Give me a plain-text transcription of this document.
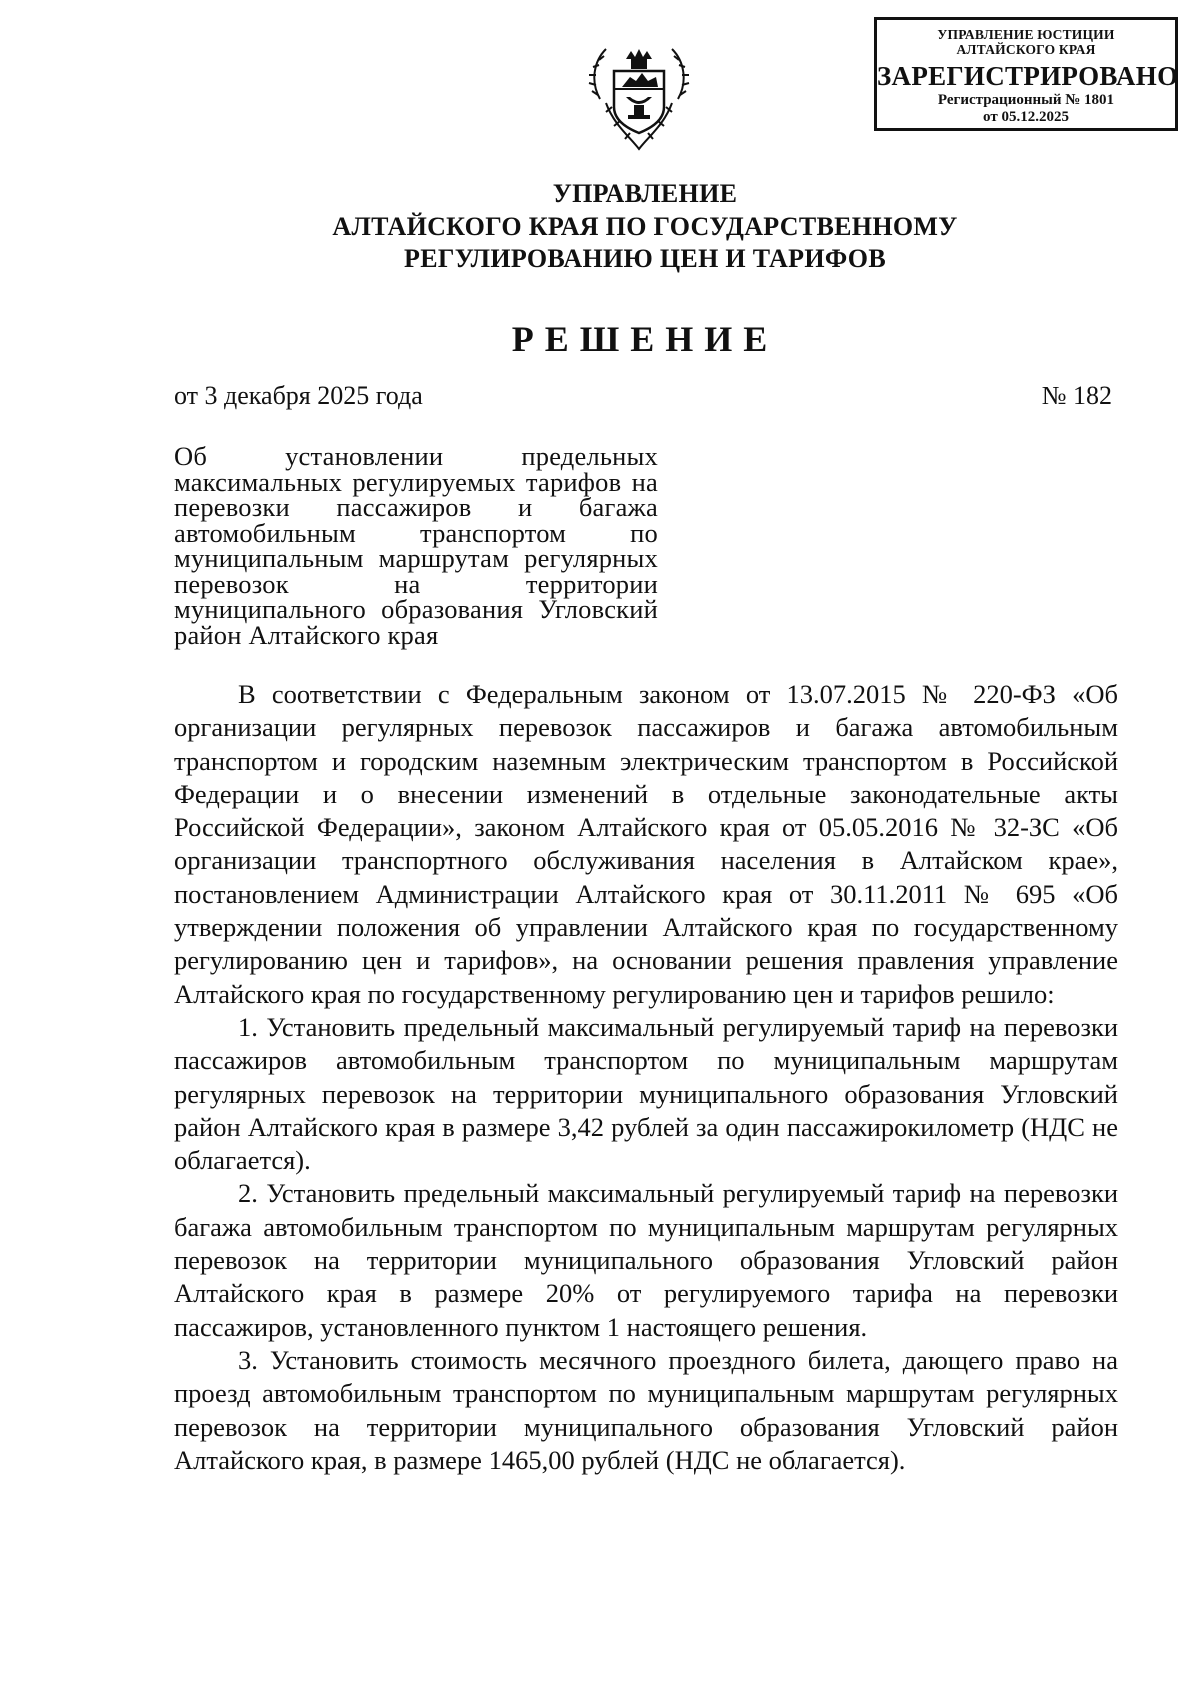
УПРАВЛЕНИЕ ЮСТИЦИИ
АЛТАЙСКОГО КРАЯ
ЗАРЕГИСТРИРОВАНО
Регистрационный № 1801
от 05.12.2025
УПРАВЛЕНИЕ
АЛТАЙСКОГО КРАЯ ПО ГОСУДАРСТВЕННОМУ
РЕГУЛИРОВАНИЮ ЦЕН И ТАРИФОВ
РЕШЕНИЕ
от 3 декабря 2025 года	№ 182
Об установлении предельных максимальных регулируемых тарифов на перевозки пассажиров и багажа автомобильным транспортом по муниципальным маршрутам регулярных перевозок на территории муниципального образования Угловский район Алтайского края

В соответствии с Федеральным законом от 13.07.2015 № 220-ФЗ «Об организации регулярных перевозок пассажиров и багажа автомобильным транспортом и городским наземным электрическим транспортом в Российской Федерации и о внесении изменений в отдельные законодательные акты Российской Федерации», законом Алтайского края от 05.05.2016 № 32-ЗС «Об организации транспортного обслуживания населения в Алтайском крае», постановлением Администрации Алтайского края от 30.11.2011 № 695 «Об утверждении положения об управлении Алтайского края по государственному регулированию цен и тарифов», на основании решения правления управление Алтайского края по государственному регулированию цен и тарифов решило:

1. Установить предельный максимальный регулируемый тариф на перевозки пассажиров автомобильным транспортом по муниципальным маршрутам регулярных перевозок на территории муниципального образования Угловский район Алтайского края в размере 3,42 рублей за один пассажирокилометр (НДС не облагается).

2. Установить предельный максимальный регулируемый тариф на перевозки багажа автомобильным транспортом по муниципальным маршрутам регулярных перевозок на территории муниципального образования Угловский район Алтайского края в размере 20% от регулируемого тарифа на перевозки пассажиров, установленного пунктом 1 настоящего решения.

3. Установить стоимость месячного проездного билета, дающего право на проезд автомобильным транспортом по муниципальным маршрутам регулярных перевозок на территории муниципального образования Угловский район Алтайского края, в размере 1465,00 рублей (НДС не облагается).
